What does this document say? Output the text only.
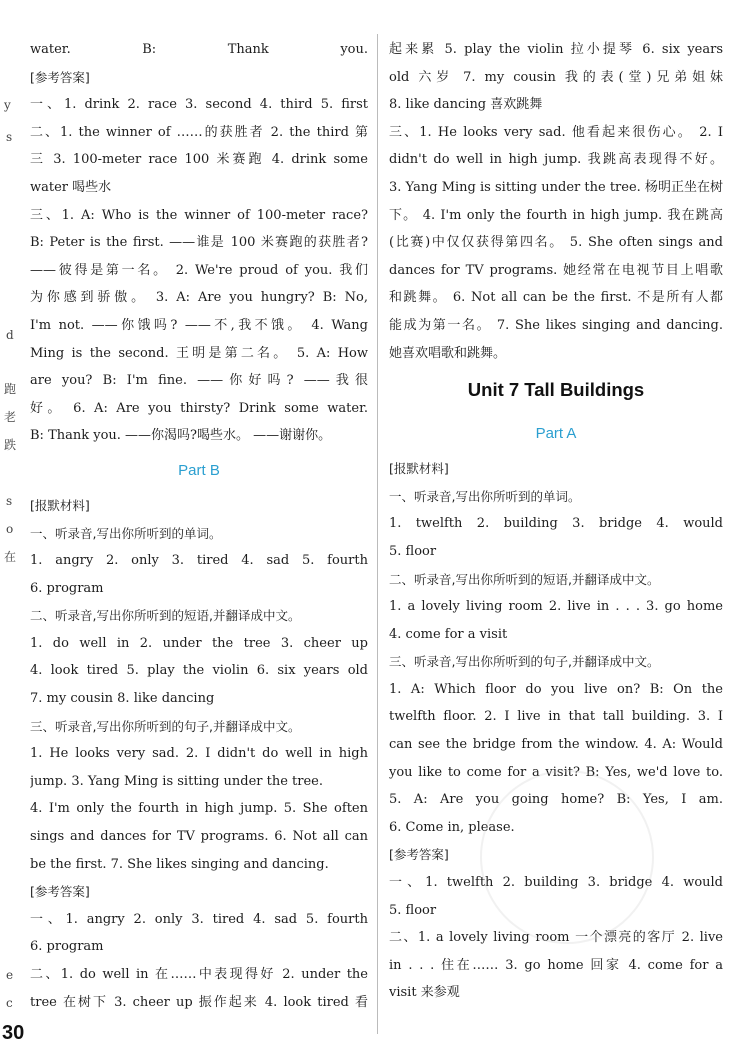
y
s
d
跑
老
跌
s
o
在
e
c
water. B: Thank you.
[参考答案]
一、1. drink 2. race 3. second 4. third 5. first
二、1. the winner of ……的获胜者 2. the third 第
三 3. 100-meter race 100 米赛跑 4. drink some
water 喝些水
三、1. A: Who is the winner of 100-meter race?
B: Peter is the first. ——谁是 100 米赛跑的获胜者?
——彼得是第一名。 2. We're proud of you. 我们
为你感到骄傲。 3. A: Are you hungry? B: No,
I'm not. ——你饿吗? ——不,我不饿。 4. Wang
Ming is the second. 王明是第二名。 5. A: How
are you? B: I'm fine. ——你好吗? ——我很
好。 6. A: Are you thirsty? Drink some water.
B: Thank you. ——你渴吗?喝些水。 ——谢谢你。
Part B
[报默材料]
一、听录音,写出你所听到的单词。
1. angry 2. only 3. tired 4. sad 5. fourth
6. program
二、听录音,写出你所听到的短语,并翻译成中文。
1. do well in 2. under the tree 3. cheer up
4. look tired 5. play the violin 6. six years old
7. my cousin 8. like dancing
三、听录音,写出你所听到的句子,并翻译成中文。
1. He looks very sad. 2. I didn't do well in high
jump. 3. Yang Ming is sitting under the tree.
4. I'm only the fourth in high jump. 5. She often
sings and dances for TV programs. 6. Not all can
be the first. 7. She likes singing and dancing.
[参考答案]
一、1. angry 2. only 3. tired 4. sad 5. fourth
6. program
二、1. do well in 在……中表现得好 2. under the
tree 在树下 3. cheer up 振作起来 4. look tired 看
起来累 5. play the violin 拉小提琴 6. six years
old 六岁 7. my cousin 我的表(堂)兄弟姐妹
8. like dancing 喜欢跳舞
三、1. He looks very sad. 他看起来很伤心。 2. I
didn't do well in high jump. 我跳高表现得不好。
3. Yang Ming is sitting under the tree. 杨明正坐在树
下。 4. I'm only the fourth in high jump. 我在跳高
(比赛)中仅仅获得第四名。 5. She often sings and
dances for TV programs. 她经常在电视节目上唱歌
和跳舞。 6. Not all can be the first. 不是所有人都
能成为第一名。 7. She likes singing and dancing.
她喜欢唱歌和跳舞。
Unit 7 Tall Buildings
Part A
[报默材料]
一、听录音,写出你所听到的单词。
1. twelfth 2. building 3. bridge 4. would
5. floor
二、听录音,写出你所听到的短语,并翻译成中文。
1. a lovely living room 2. live in . . . 3. go home
4. come for a visit
三、听录音,写出你所听到的句子,并翻译成中文。
1. A: Which floor do you live on? B: On the
twelfth floor. 2. I live in that tall building. 3. I
can see the bridge from the window. 4. A: Would
you like to come for a visit? B: Yes, we'd love to.
5. A: Are you going home? B: Yes, I am.
6. Come in, please.
[参考答案]
一、1. twelfth 2. building 3. bridge 4. would
5. floor
二、1. a lovely living room 一个漂亮的客厅 2. live
in . . . 住在…… 3. go home 回家 4. come for a
visit 来参观
30
